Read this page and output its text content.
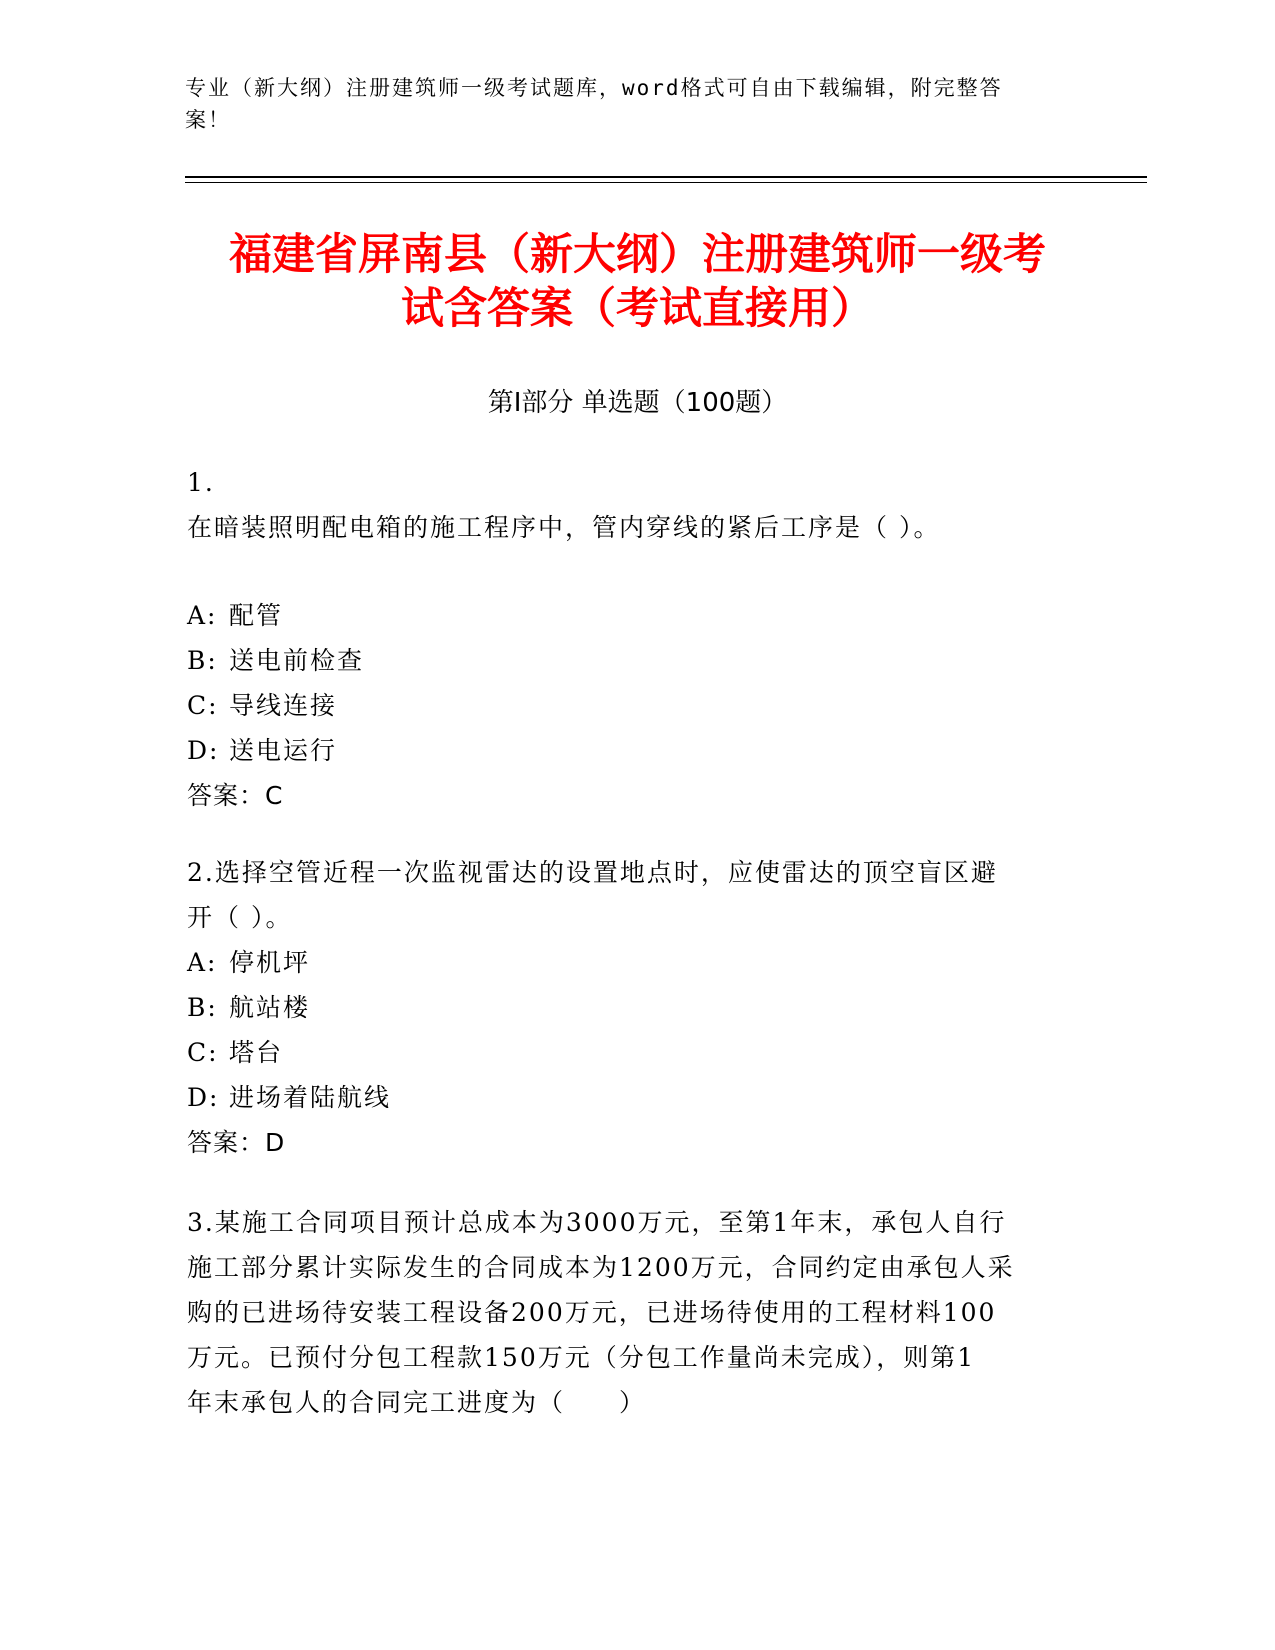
专业（新大纲）注册建筑师一级考试题库，word格式可自由下载编辑，附完整答
案！
福建省屏南县（新大纲）注册建筑师一级考
试含答案（考试直接用）
第I部分 单选题（100题）
1.
在暗装照明配电箱的施工程序中，管内穿线的紧后工序是（ ）。
A: 配管
B: 送电前检查
C: 导线连接
D: 送电运行
答案：C
2.选择空管近程一次监视雷达的设置地点时，应使雷达的顶空盲区避
开（ ）。
A: 停机坪
B: 航站楼
C: 塔台
D: 进场着陆航线
答案：D
3.某施工合同项目预计总成本为3000万元，至第1年末，承包人自行
施工部分累计实际发生的合同成本为1200万元，合同约定由承包人采
购的已进场待安装工程设备200万元，已进场待使用的工程材料100
万元。已预付分包工程款150万元（分包工作量尚未完成），则第1
年末承包人的合同完工进度为（　　）
